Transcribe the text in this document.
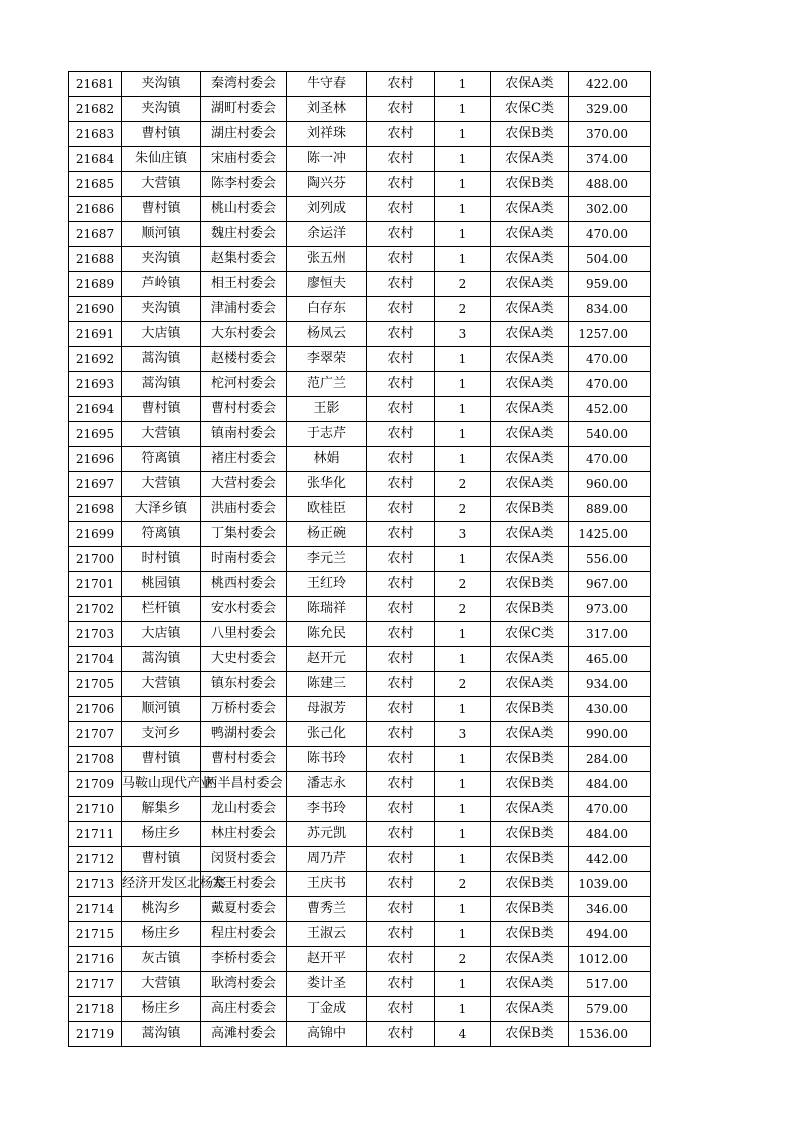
21681	夹沟镇	秦湾村委会	牛守春	农村	1	农保A类	422.00
21682	夹沟镇	湖町村委会	刘圣林	农村	1	农保C类	329.00
21683	曹村镇	湖庄村委会	刘祥珠	农村	1	农保B类	370.00
21684	朱仙庄镇	宋庙村委会	陈一冲	农村	1	农保A类	374.00
21685	大营镇	陈李村委会	陶兴芬	农村	1	农保B类	488.00
21686	曹村镇	桃山村委会	刘列成	农村	1	农保A类	302.00
21687	顺河镇	魏庄村委会	余运洋	农村	1	农保A类	470.00
21688	夹沟镇	赵集村委会	张五州	农村	1	农保A类	504.00
21689	芦岭镇	相王村委会	廖恒夫	农村	2	农保A类	959.00
21690	夹沟镇	津浦村委会	白存东	农村	2	农保A类	834.00
21691	大店镇	大东村委会	杨凤云	农村	3	农保A类	1257.00
21692	蒿沟镇	赵楼村委会	李翠荣	农村	1	农保A类	470.00
21693	蒿沟镇	柁河村委会	范广兰	农村	1	农保A类	470.00
21694	曹村镇	曹村村委会	王影	农村	1	农保A类	452.00
21695	大营镇	镇南村委会	于志芹	农村	1	农保A类	540.00
21696	符离镇	褚庄村委会	林娟	农村	1	农保A类	470.00
21697	大营镇	大营村委会	张华化	农村	2	农保A类	960.00
21698	大泽乡镇	洪庙村委会	欧桂臣	农村	2	农保B类	889.00
21699	符离镇	丁集村委会	杨正碗	农村	3	农保A类	1425.00
21700	时村镇	时南村委会	李元兰	农村	1	农保A类	556.00
21701	桃园镇	桃西村委会	王红玲	农村	2	农保B类	967.00
21702	栏杆镇	安水村委会	陈瑞祥	农村	2	农保B类	973.00
21703	大店镇	八里村委会	陈允民	农村	1	农保C类	317.00
21704	蒿沟镇	大史村委会	赵开元	农村	1	农保A类	465.00
21705	大营镇	镇东村委会	陈建三	农村	2	农保A类	934.00
21706	顺河镇	万桥村委会	母淑芳	农村	1	农保B类	430.00
21707	支河乡	鸭湖村委会	张己化	农村	3	农保A类	990.00
21708	曹村镇	曹村村委会	陈书玲	农村	1	农保B类	284.00
21709	马鞍山现代产业	两半昌村委会	潘志永	农村	1	农保B类	484.00
21710	解集乡	龙山村委会	李书玲	农村	1	农保A类	470.00
21711	杨庄乡	林庄村委会	苏元凯	农村	1	农保B类	484.00
21712	曹村镇	闵贤村委会	周乃芹	农村	1	农保B类	442.00
21713	经济开发区北杨寨	大王村委会	王庆书	农村	2	农保B类	1039.00
21714	桃沟乡	戴夏村委会	曹秀兰	农村	1	农保B类	346.00
21715	杨庄乡	程庄村委会	王淑云	农村	1	农保B类	494.00
21716	灰古镇	李桥村委会	赵开平	农村	2	农保A类	1012.00
21717	大营镇	耿湾村委会	娄计圣	农村	1	农保A类	517.00
21718	杨庄乡	高庄村委会	丁金成	农村	1	农保A类	579.00
21719	蒿沟镇	高滩村委会	高锦中	农村	4	农保B类	1536.00
